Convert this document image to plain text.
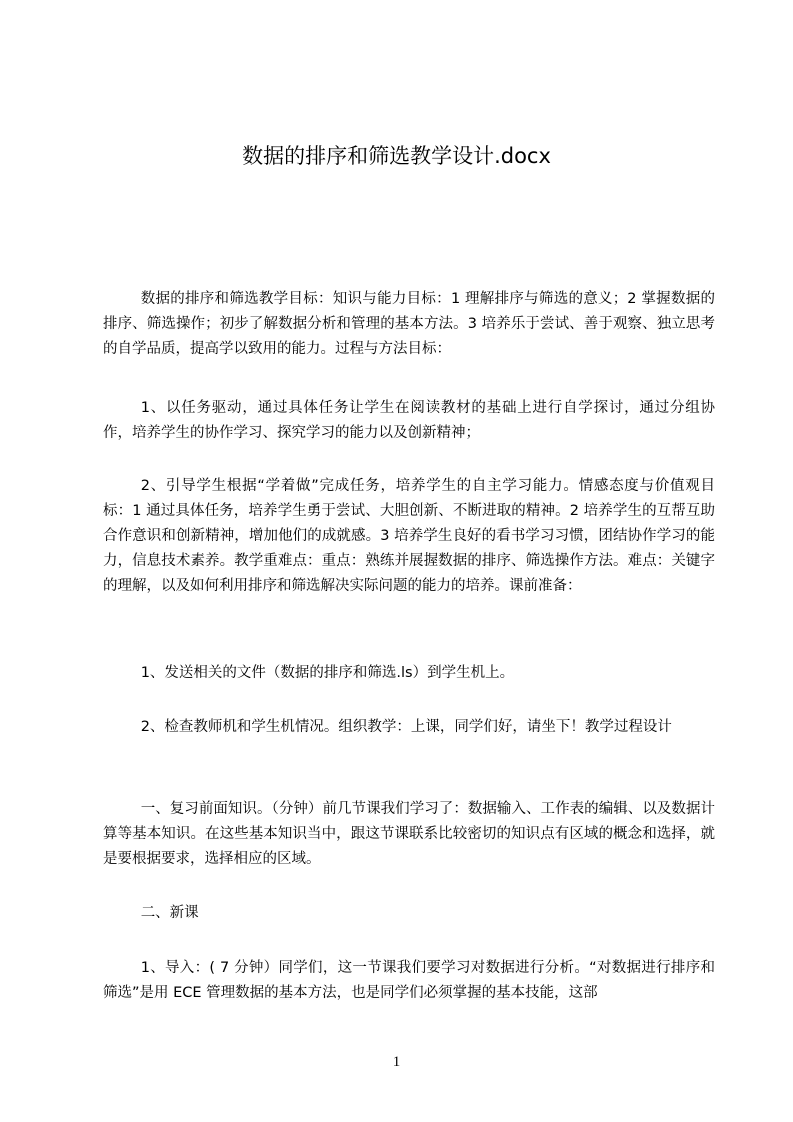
数据的排序和筛选教学设计.docx

数据的排序和筛选教学目标：知识与能力目标：1 理解排序与筛选的意义；2 掌握数据的排序、筛选操作；初步了解数据分析和管理的基本方法。3 培养乐于尝试、善于观察、独立思考的自学品质，提高学以致用的能力。过程与方法目标：

1、以任务驱动，通过具体任务让学生在阅读教材的基础上进行自学探讨，通过分组协作，培养学生的协作学习、探究学习的能力以及创新精神；

2、引导学生根据“学着做”完成任务，培养学生的自主学习能力。情感态度与价值观目标：1 通过具体任务，培养学生勇于尝试、大胆创新、不断进取的精神。2 培养学生的互帮互助合作意识和创新精神，增加他们的成就感。3 培养学生良好的看书学习习惯，团结协作学习的能力，信息技术素养。教学重难点：重点：熟练并展握数据的排序、筛选操作方法。难点：关键字的理解，以及如何利用排序和筛选解决实际问题的能力的培养。课前准备：

1、发送相关的文件（数据的排序和筛选.ls）到学生机上。

2、检查教师机和学生机情况。组织教学：上课，同学们好，请坐下！教学过程设计

一、复习前面知识。（分钟）前几节课我们学习了：数据输入、工作表的编辑、以及数据计算等基本知识。在这些基本知识当中，跟这节课联系比较密切的知识点有区域的概念和选择，就是要根据要求，选择相应的区域。

二、新课

1、导入：( 7 分钟）同学们，这一节课我们要学习对数据进行分析。“对数据进行排序和筛选”是用 ECE 管理数据的基本方法，也是同学们必须掌握的基本技能，这部

1
